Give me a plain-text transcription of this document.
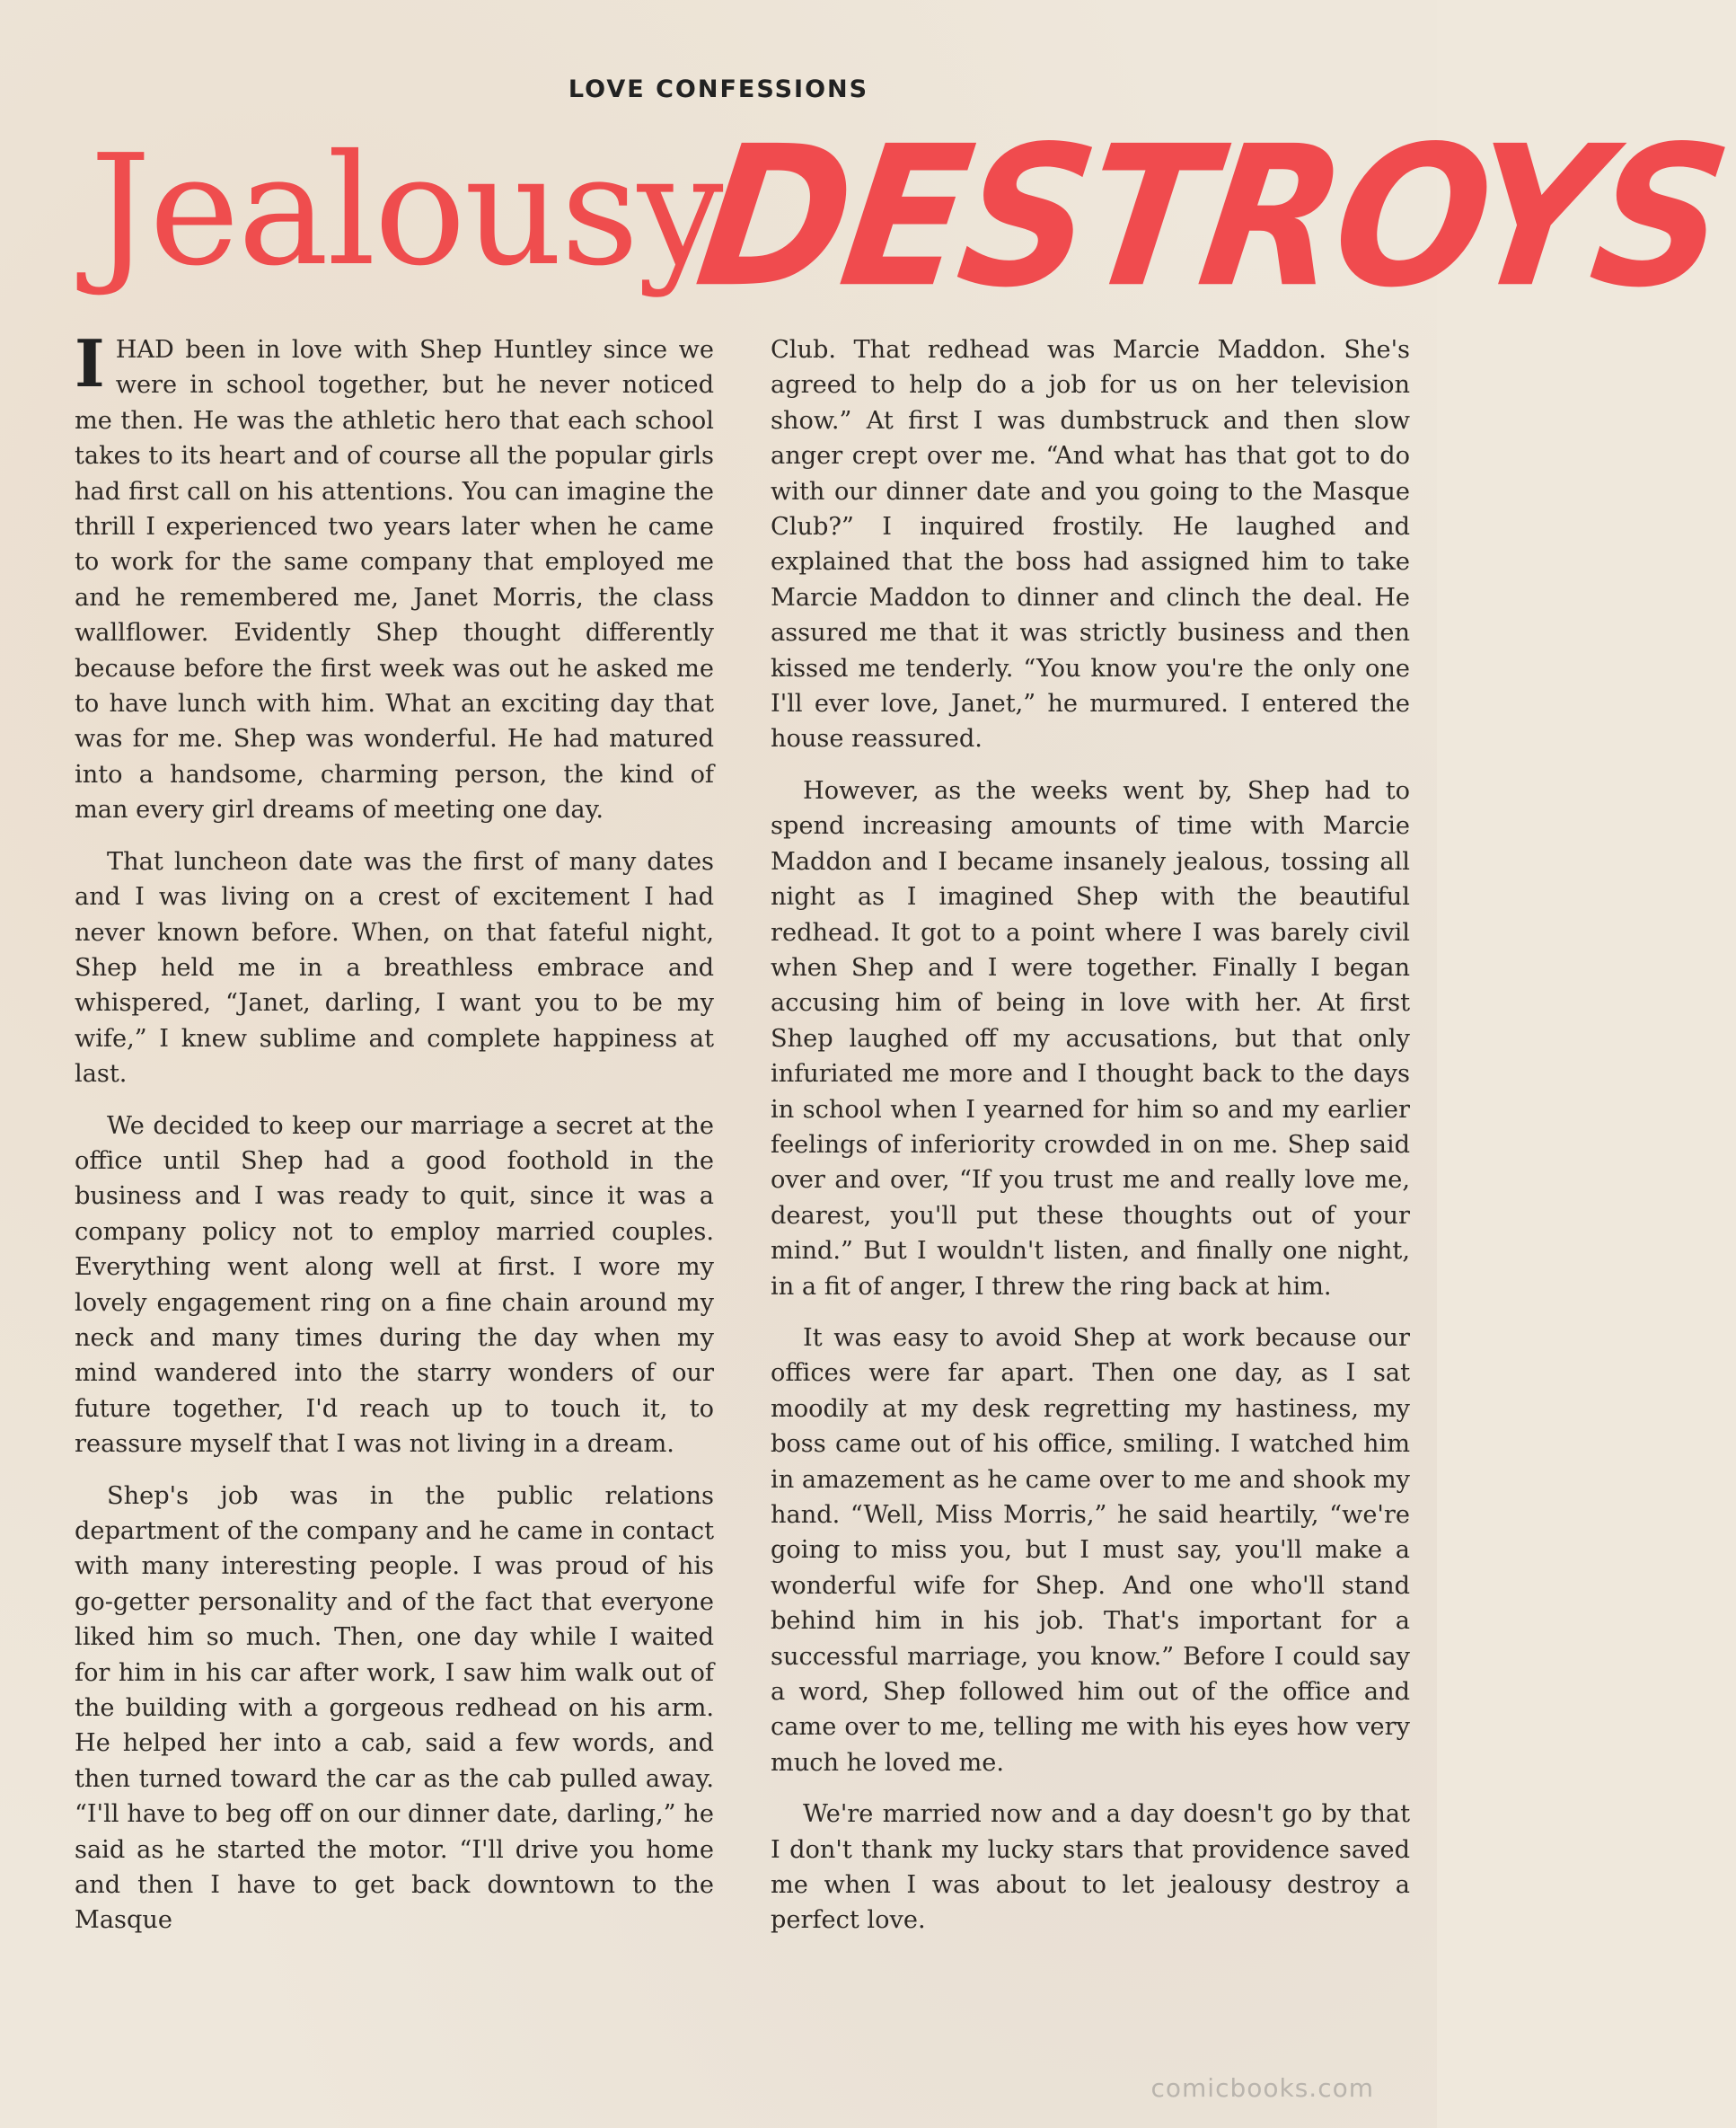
LOVE CONFESSIONS
Jealousy
DESTROYS

IHAD been in love with Shep Huntley since we were in school together, but he never noticed me then. He was the athletic hero that each school takes to its heart and of course all the popular girls had first call on his attentions. You can imagine the thrill I experienced two years later when he came to work for the same company that employed me and he remembered me, Janet Morris, the class wallflower. Evidently Shep thought differently because before the first week was out he asked me to have lunch with him. What an exciting day that was for me. Shep was wonderful. He had matured into a handsome, charming person, the kind of man every girl dreams of meeting one day.

That luncheon date was the first of many dates and I was living on a crest of excitement I had never known before. When, on that fateful night, Shep held me in a breathless embrace and whispered, “Janet, darling, I want you to be my wife,” I knew sublime and complete happiness at last.

We decided to keep our marriage a secret at the office until Shep had a good foothold in the business and I was ready to quit, since it was a company policy not to employ married couples. Everything went along well at first. I wore my lovely engagement ring on a fine chain around my neck and many times during the day when my mind wandered into the starry wonders of our future together, I'd reach up to touch it, to reassure myself that I was not living in a dream.

Shep's job was in the public relations department of the company and he came in contact with many interesting people. I was proud of his go-getter personality and of the fact that everyone liked him so much. Then, one day while I waited for him in his car after work, I saw him walk out of the building with a gorgeous redhead on his arm. He helped her into a cab, said a few words, and then turned toward the car as the cab pulled away. “I'll have to beg off on our dinner date, darling,” he said as he started the motor. “I'll drive you home and then I have to get back downtown to the Masque

Club. That redhead was Marcie Maddon. She's agreed to help do a job for us on her television show.” At first I was dumbstruck and then slow anger crept over me. “And what has that got to do with our dinner date and you going to the Masque Club?” I inquired frostily. He laughed and explained that the boss had assigned him to take Marcie Maddon to dinner and clinch the deal. He assured me that it was strictly business and then kissed me tenderly. “You know you're the only one I'll ever love, Janet,” he murmured. I entered the house reassured.

However, as the weeks went by, Shep had to spend increasing amounts of time with Marcie Maddon and I became insanely jealous, tossing all night as I imagined Shep with the beautiful redhead. It got to a point where I was barely civil when Shep and I were together. Finally I began accusing him of being in love with her. At first Shep laughed off my accusations, but that only infuriated me more and I thought back to the days in school when I yearned for him so and my earlier feelings of inferiority crowded in on me. Shep said over and over, “If you trust me and really love me, dearest, you'll put these thoughts out of your mind.” But I wouldn't listen, and finally one night, in a fit of anger, I threw the ring back at him.

It was easy to avoid Shep at work because our offices were far apart. Then one day, as I sat moodily at my desk regretting my hastiness, my boss came out of his office, smiling. I watched him in amazement as he came over to me and shook my hand. “Well, Miss Morris,” he said heartily, “we're going to miss you, but I must say, you'll make a wonderful wife for Shep. And one who'll stand behind him in his job. That's important for a successful marriage, you know.” Before I could say a word, Shep followed him out of the office and came over to me, telling me with his eyes how very much he loved me.

We're married now and a day doesn't go by that I don't thank my lucky stars that providence saved me when I was about to let jealousy destroy a perfect love.

comicbooks.com
